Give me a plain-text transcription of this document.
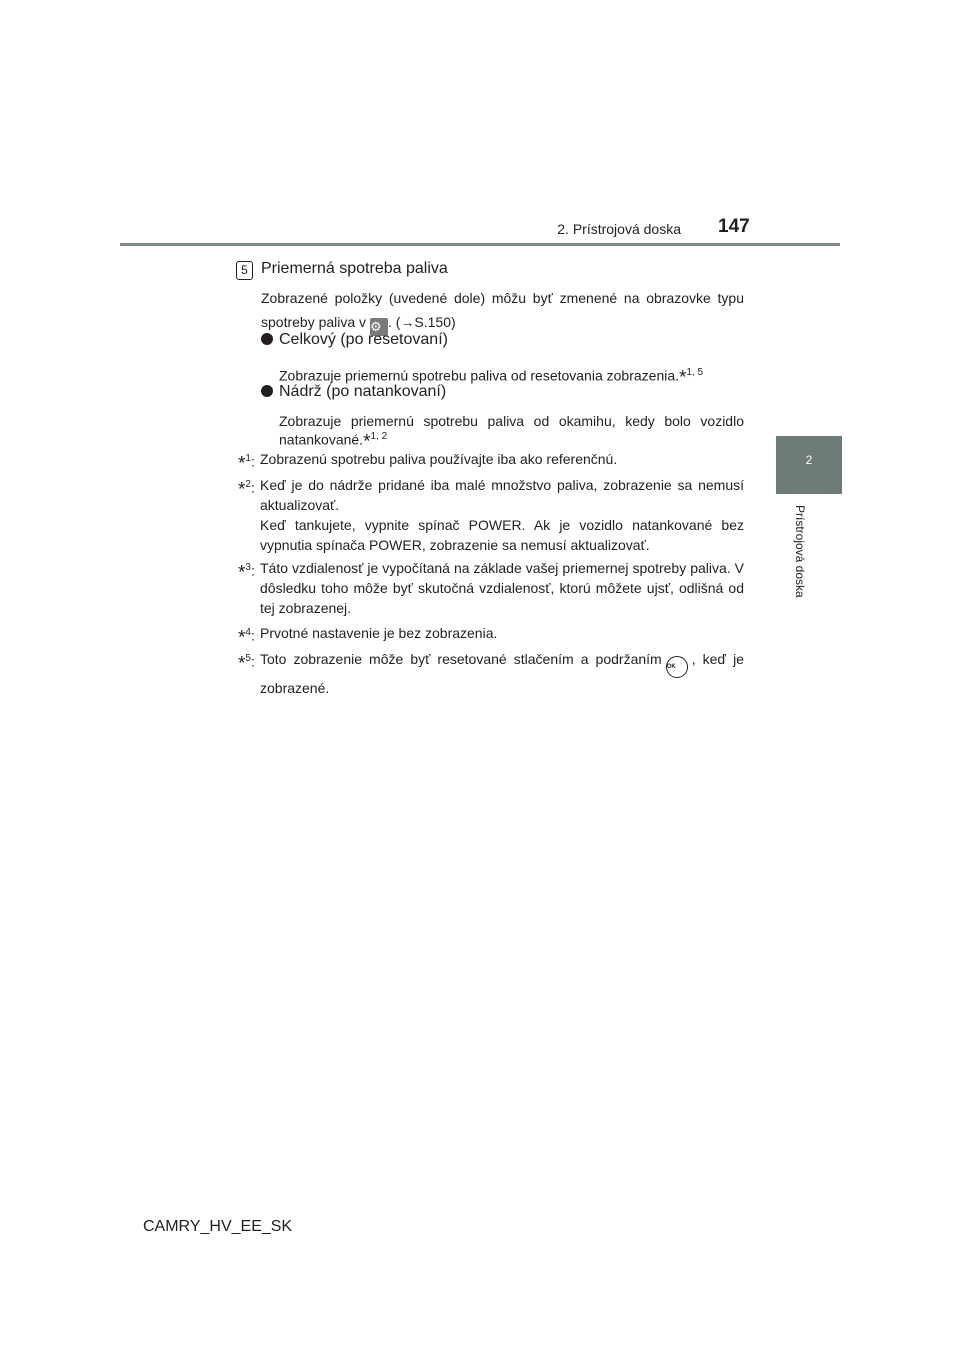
2. Prístrojová doska 147
2
Prístrojová doska
5 Priemerná spotreba paliva
Zobrazené položky (uvedené dole) môžu byť zmenené na obrazovke typu spotreby paliva v ⚙ . (→S.150)
Celkový (po resetovaní)
Zobrazuje priemernú spotrebu paliva od resetovania zobrazenia.*$^{1, 5}$
Nádrž (po natankovaní)
Zobrazuje priemernú spotrebu paliva od okamihu, kedy bolo vozidlo natankované.*$^{1, 2}$
*$^1$: Zobrazenú spotrebu paliva používajte iba ako referenčnú.
*$^2$: Keď je do nádrže pridané iba malé množstvo paliva, zobrazenie sa nemusí aktualizovať.
Keď tankujete, vypnite spínač POWER. Ak je vozidlo natankované bez vypnutia spínača POWER, zobrazenie sa nemusí aktualizovať.
*$^3$: Táto vzdialenosť je vypočítaná na základe vašej priemernej spotreby paliva. V dôsledku toho môže byť skutočná vzdialenosť, ktorú môžete ujsť, odlišná od tej zobrazenej.
*$^4$: Prvotné nastavenie je bez zobrazenia.
*$^5$: Toto zobrazenie môže byť resetované stlačením a podržaním OK , keď je zobrazené.
CAMRY_HV_EE_SK
